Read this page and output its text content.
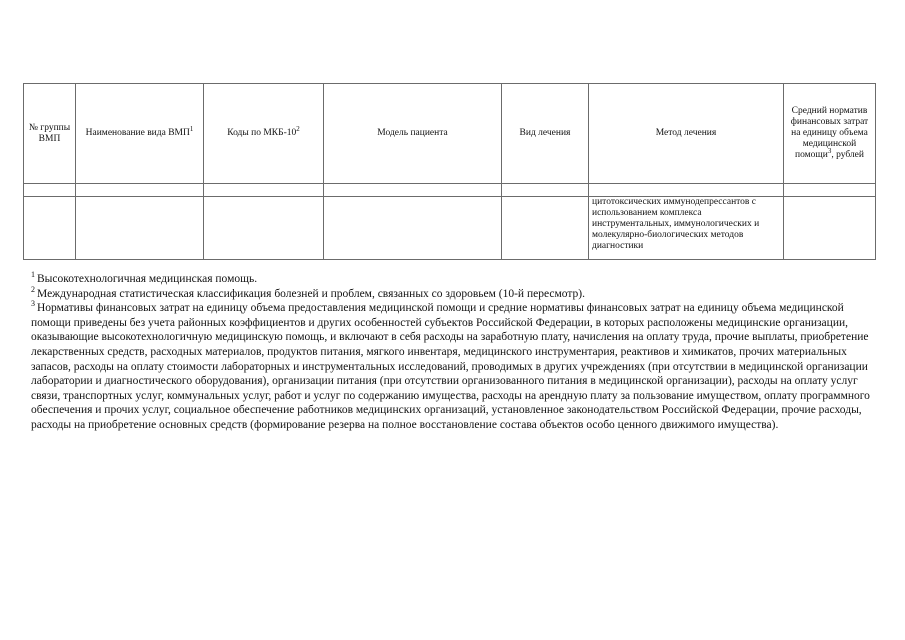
№ группы ВМП	Наименование вида ВМП$^1$	Коды по МКБ-$10^2$	Модель пациента	Вид лечения	Метод лечения	Средний норматив финансовых затрат на единицу объема медицинской помощи$^3$, рублей

					цитотоксических иммунодепрессантов с использованием комплекса инструментальных, иммунологических и молекулярно-биологических методов диагностики	

$^1$ Высокотехнологичная медицинская помощь.

$^2$ Международная статистическая классификация болезней и проблем, связанных со здоровьем (10-й пересмотр).

$^3$ Нормативы финансовых затрат на единицу объема предоставления медицинской помощи и средние нормативы финансовых затрат на единицу объема медицинской помощи приведены без учета районных коэффициентов и других особенностей субъектов Российской Федерации, в которых расположены медицинские организации, оказывающие высокотехнологичную медицинскую помощь, и включают в себя расходы на заработную плату, начисления на оплату труда, прочие выплаты, приобретение лекарственных средств, расходных материалов, продуктов питания, мягкого инвентаря, медицинского инструментария, реактивов и химикатов, прочих материальных запасов, расходы на оплату стоимости лабораторных и инструментальных исследований, проводимых в других учреждениях (при отсутствии в медицинской организации лаборатории и диагностического оборудования), организации питания (при отсутствии организованного питания в медицинской организации), расходы на оплату услуг связи, транспортных услуг, коммунальных услуг, работ и услуг по содержанию имущества, расходы на арендную плату за пользование имуществом, оплату программного обеспечения и прочих услуг, социальное обеспечение работников медицинских организаций, установленное законодательством Российской Федерации, прочие расходы, расходы на приобретение основных средств (формирование резерва на полное восстановление состава объектов особо ценного движимого имущества).
